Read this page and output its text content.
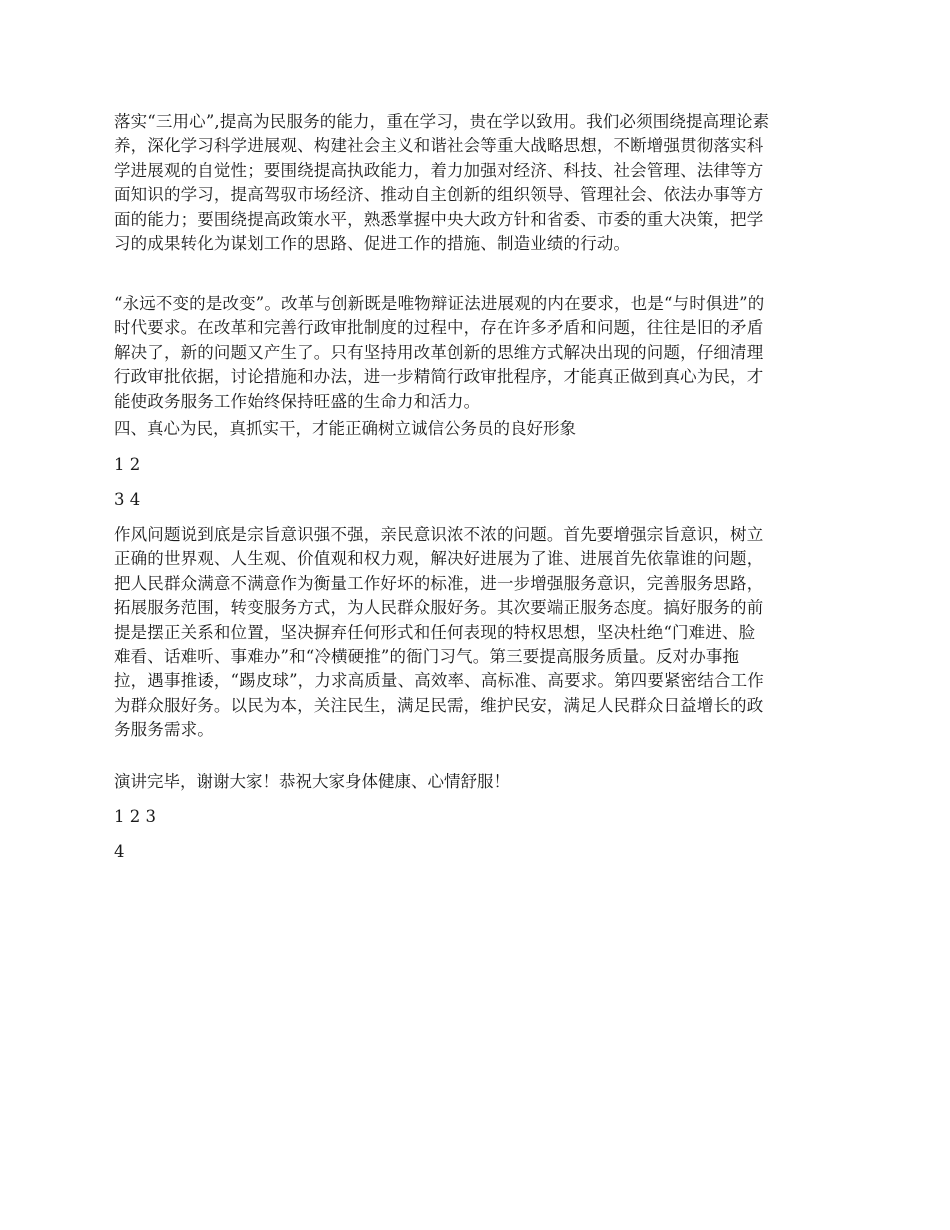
落实“三用心”,提高为民服务的能力，重在学习，贵在学以致用。我们必须围绕提高理论素
养，深化学习科学进展观、构建社会主义和谐社会等重大战略思想，不断增强贯彻落实科
学进展观的自觉性；要围绕提高执政能力，着力加强对经济、科技、社会管理、法律等方
面知识的学习，提高驾驭市场经济、推动自主创新的组织领导、管理社会、依法办事等方
面的能力；要围绕提高政策水平，熟悉掌握中央大政方针和省委、市委的重大决策，把学
习的成果转化为谋划工作的思路、促进工作的措施、制造业绩的行动。

“永远不变的是改变”。改革与创新既是唯物辩证法进展观的内在要求，也是“与时俱进”的
时代要求。在改革和完善行政审批制度的过程中，存在许多矛盾和问题，往往是旧的矛盾
解决了，新的问题又产生了。只有坚持用改革创新的思维方式解决出现的问题，仔细清理
行政审批依据，讨论措施和办法，进一步精简行政审批程序，才能真正做到真心为民，才
能使政务服务工作始终保持旺盛的生命力和活力。

四、真心为民，真抓实干，才能正确树立诚信公务员的良好形象

1 2

3 4

作风问题说到底是宗旨意识强不强，亲民意识浓不浓的问题。首先要增强宗旨意识，树立
正确的世界观、人生观、价值观和权力观，解决好进展为了谁、进展首先依靠谁的问题，
把人民群众满意不满意作为衡量工作好坏的标准，进一步增强服务意识，完善服务思路，
拓展服务范围，转变服务方式，为人民群众服好务。其次要端正服务态度。搞好服务的前
提是摆正关系和位置，坚决摒弃任何形式和任何表现的特权思想，坚决杜绝“门难进、脸
难看、话难听、事难办”和“冷横硬推”的衙门习气。第三要提高服务质量。反对办事拖
拉，遇事推诿，“踢皮球”，力求高质量、高效率、高标准、高要求。第四要紧密结合工作
为群众服好务。以民为本，关注民生，满足民需，维护民安，满足人民群众日益增长的政
务服务需求。

演讲完毕，谢谢大家！恭祝大家身体健康、心情舒服！

1 2 3

4
